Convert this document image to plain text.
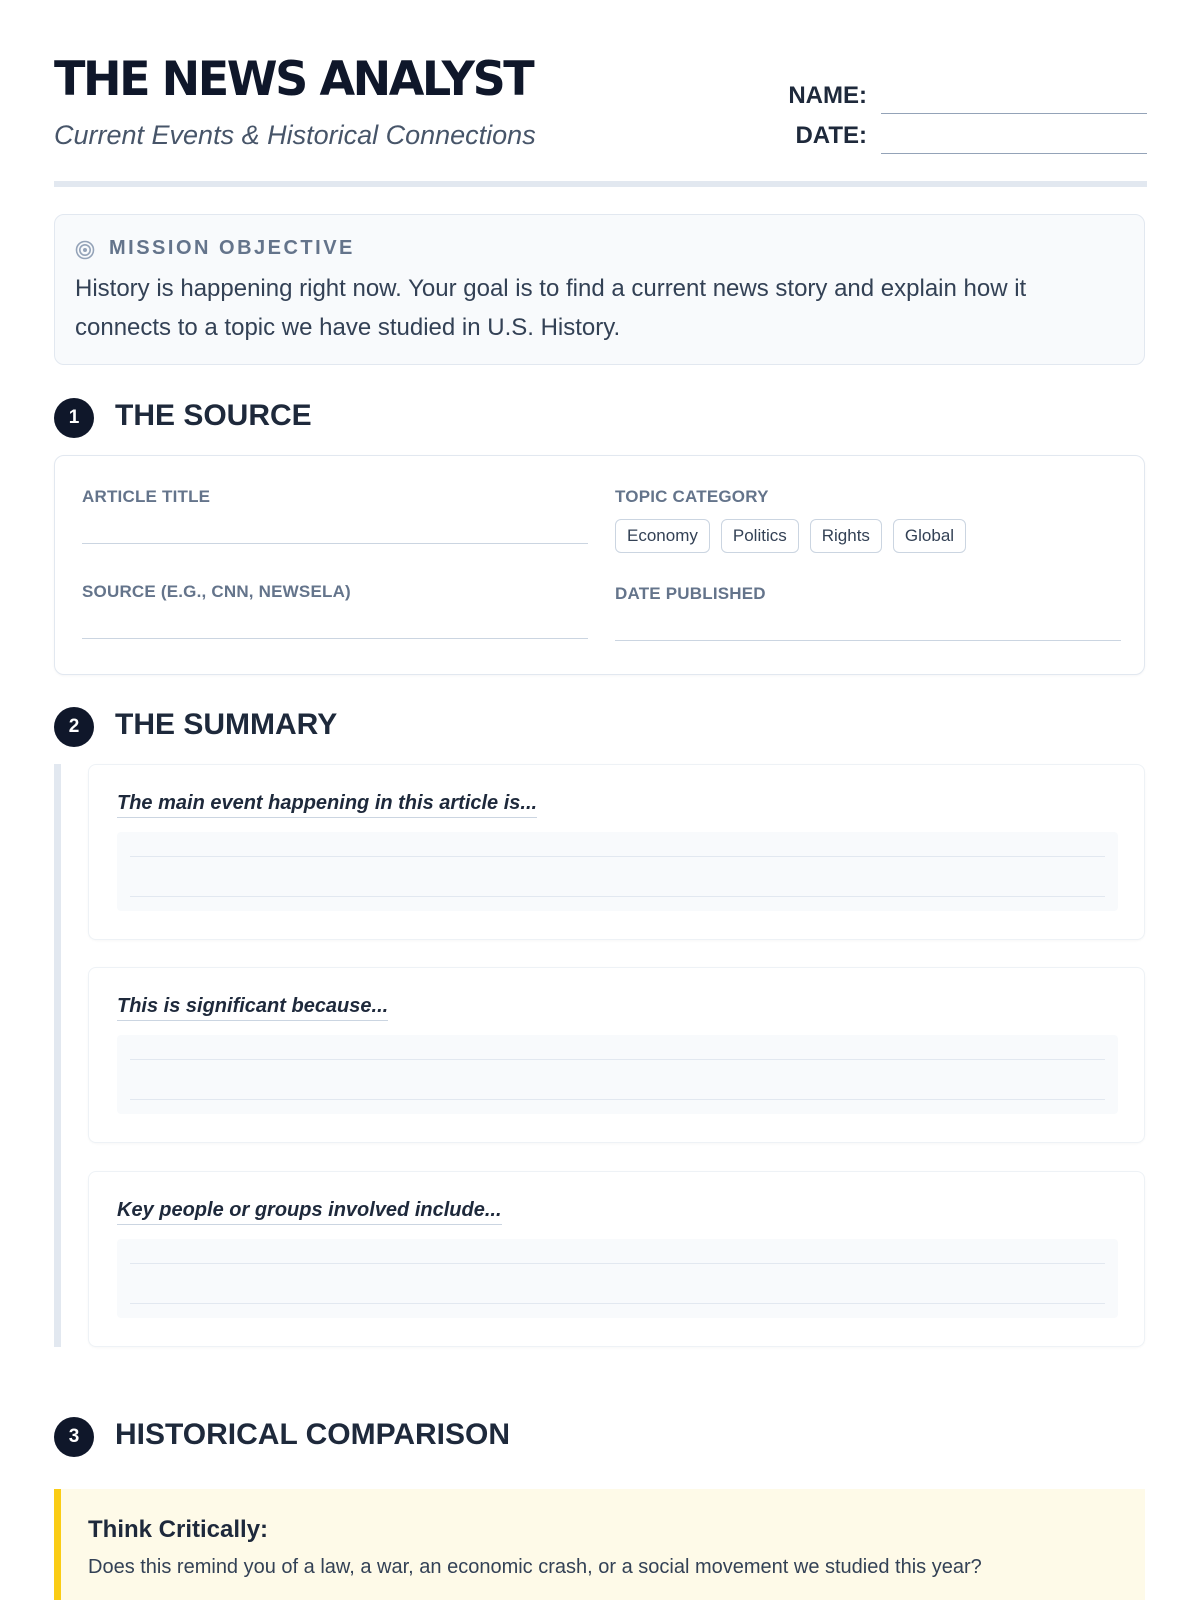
THE NEWS ANALYST
Current Events & Historical Connections
NAME:
DATE:
MISSION OBJECTIVE
History is happening right now. Your goal is to find a current news story and explain how it connects to a topic we have studied in U.S. History.
1	THE SOURCE
ARTICLE TITLE
SOURCE (E.G., CNN, NEWSELA)
TOPIC CATEGORY
Economy	Politics	Rights	Global
DATE PUBLISHED
2	THE SUMMARY
The main event happening in this article is...
This is significant because...
Key people or groups involved include...
3	HISTORICAL COMPARISON
Think Critically:
Does this remind you of a law, a war, an economic crash, or a social movement we studied this year?
